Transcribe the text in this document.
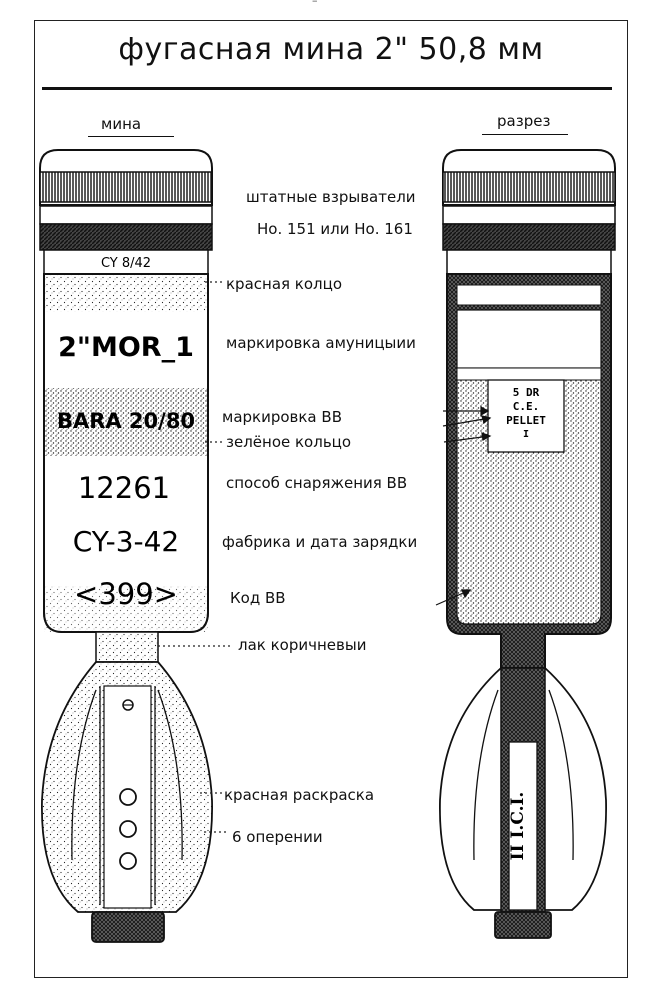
–
фугасная мина 2" 50,8 мм
мина	разрез
CY 8/42
2"MOR_1
BARA 20/80
12261
CY-3-42
<399>
5 DR
C.E.
PELLET
I
II I.C.I.
штатные взрыватели
Но. 151 или Но. 161
красная колцо
маркировка амуницыии
маркировка ВВ
зелёное кольцо
способ снаряжения ВВ
фабрика и дата зарядки
Код ВВ
лак коричневыи
красная раскраска
6 оперении
